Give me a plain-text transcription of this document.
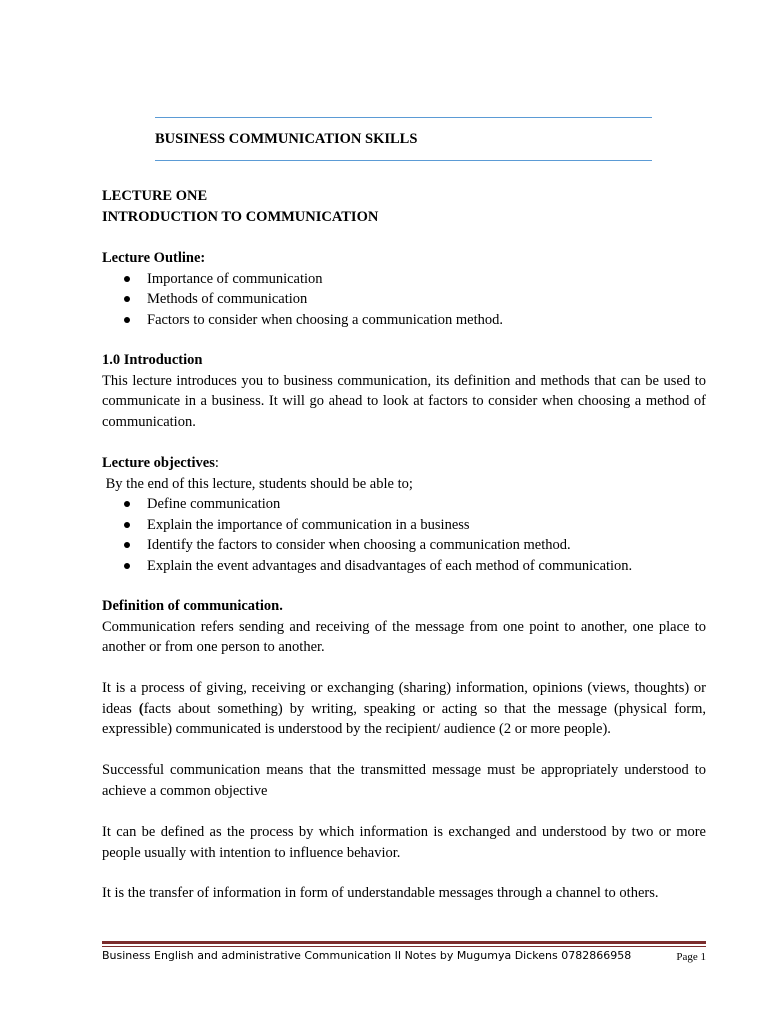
BUSINESS COMMUNICATION SKILLS

LECTURE ONE

INTRODUCTION TO COMMUNICATION

Lecture Outline:

Importance of communication
Methods of communication
Factors to consider when choosing a communication method.

1.0 Introduction

This lecture introduces you to business communication, its definition and methods that can be used to communicate in a business. It will go ahead to look at factors to consider when choosing a method of communication.

Lecture objectives:

By the end of this lecture, students should be able to;

Define communication
Explain the importance of communication in a business
Identify the factors to consider when choosing a communication method.
Explain the event advantages and disadvantages of each method of communication.

Definition of communication.

Communication refers sending and receiving of the message from one point to another, one place to another or from one person to another.

It is a process of giving, receiving or exchanging (sharing) information, opinions (views, thoughts) or ideas (facts about something) by writing, speaking or acting so that the message (physical form, expressible) communicated is understood by the recipient/ audience (2 or more people).
Successful communication means that the transmitted message must be appropriately understood to achieve a common objective
It can be defined as the process by which information is exchanged and understood by two or more people usually with intention to influence behavior.
It is the transfer of information in form of understandable messages through a channel to others.
Business English and administrative Communication II Notes by Mugumya Dickens 0782866958	Page 1
